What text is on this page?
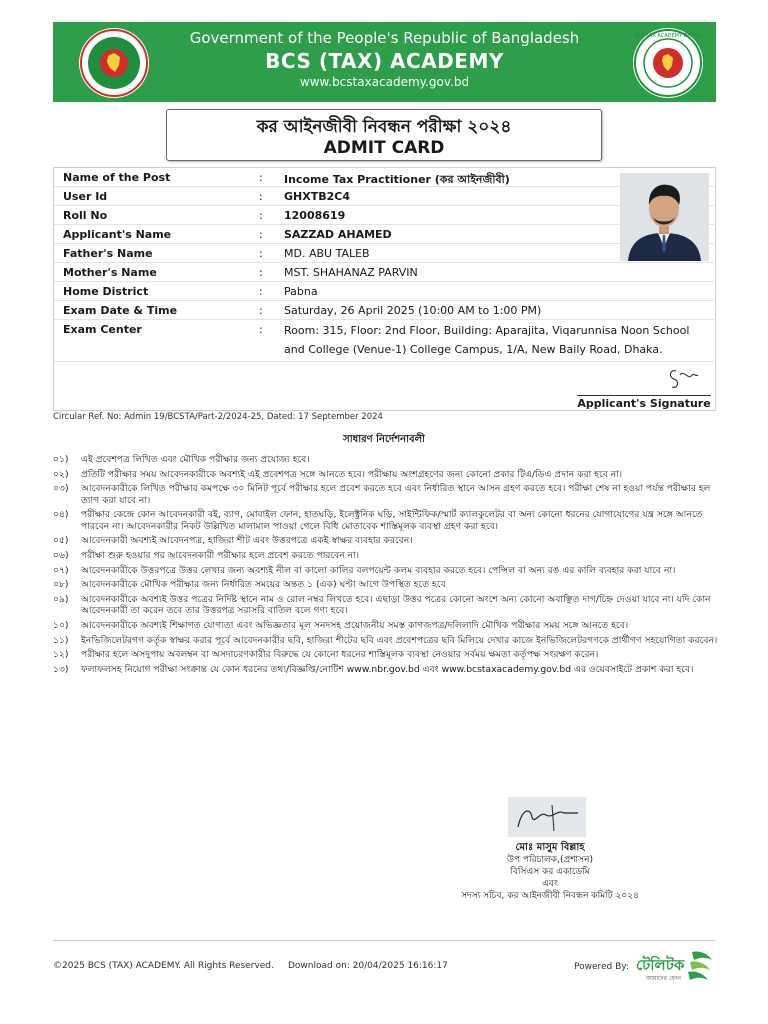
Government of the People's Republic of Bangladesh
BCS (TAX) ACADEMY
www.bcstaxacademy.gov.bd
BCS TAX ACADEMY DHAKA
কর আইনজীবী নিবন্ধন পরীক্ষা ২০২৪
ADMIT CARD
Name of the Post	: Income Tax Practitioner (কর আইনজীবী)
User Id	: GHXTB2C4
Roll No	: 12008619
Applicant's Name	: SAZZAD AHAMED
Father's Name	: MD. ABU TALEB
Mother's Name	: MST. SHAHANAZ PARVIN
Home District	: Pabna
Exam Date & Time	: Saturday, 26 April 2025 (10:00 AM to 1:00 PM)
Exam Center	: Room: 315, Floor: 2nd Floor, Building: Aparajita, Viqarunnisa Noon School and College (Venue-1) College Campus, 1/A, New Baily Road, Dhaka.
Applicant's Signature
Circular Ref. No: Admin 19/BCSTA/Part-2/2024-25, Dated: 17 September 2024
সাধারণ নির্দেশনাবলী
০১)	এই প্রবেশপত্র লিখিত এবং মৌখিক পরীক্ষার জন্য প্রযোজ্য হবে।
০২)	প্রতিটি পরীক্ষার সময় আবেদনকারীকে অবশ্যই এই প্রবেশপত্র সঙ্গে আনতে হবে। পরীক্ষায় অংশগ্রহণের জন্য কোনো প্রকার টিএ/ডিএ প্রদান করা হবে না।
০৩)	আবেদনকারীকে লিখিত পরীক্ষার কমপক্ষে ৩০ মিনিট পূর্বে পরীক্ষার হলে প্রবেশ করতে হবে এবং নির্ধারিত স্থানে আসন গ্রহণ করতে হবে। পরীক্ষা শেষ না হওয়া পর্যন্ত পরীক্ষার হল ত্যাগ করা যাবে না।
০৪)	পরীক্ষার কেন্দ্রে কোন আবেদনকারী বই, ব্যাগ, মোবাইল ফোন, হাতঘড়ি, ইলেক্ট্রনিক ঘড়ি, সাইন্টিফিক/স্মার্ট ক্যালকুলেটর বা অন্য কোনো ধরনের যোগাযোগের যন্ত্র সঙ্গে আনতে পারবেন না। আবেদনকারীর নিকট উল্লিখিত মালামাল পাওয়া গেলে বিধি মোতাবেক শাস্তিমূলক ব্যবস্থা গ্রহণ করা হবে।
০৫)	আবেদনকারী অবশ্যই আবেদনপত্র, হাজিরা শীট এবং উত্তরপত্রে একই স্বাক্ষর ব্যবহার করবেন।
০৬)	পরীক্ষা শুরু হওয়ার পর আবেদনকারী পরীক্ষার হলে প্রবেশ করতে পারবেন না।
০৭)	আবেদনকারীকে উত্তরপত্রে উত্তর লেখার জন্য অবশ্যই নীল বা কালো কালির বলপয়েন্ট কলম ব্যবহার করতে হবে। পেন্সিল বা অন্য রঙ এর কালি ব্যবহার করা যাবে না।
০৮)	আবেদনকারীকে মৌখিক পরীক্ষার জন্য নির্ধারিত সময়ের অন্তত ১ (এক) ঘণ্টা আগে উপস্থিত হতে হবে
০৯)	আবেদনকারীকে অবশ্যই উত্তর পত্রের নির্দিষ্ট স্থানে নাম ও রোল নম্বর লিখতে হবে। এছাড়া উত্তর পত্রের কোনো অংশে অন্য কোনো অবাঞ্ছিত দাগ/চিহ্ন দেওয়া যাবে না। যদি কোন আবেদনকারী তা করেন তবে তার উত্তরপত্র সরাসরি বাতিল বলে গণ্য হবে।
১০)	আবেদনকারীকে অবশ্যই শিক্ষাগত যোগ্যতা এবং অভিজ্ঞতার মূল সনদসহ প্রয়োজনীয় সমস্ত কাগজপত্র/দলিলাদি মৌখিক পরীক্ষার সময় সঙ্গে আনতে হবে।
১১)	ইনভিজিলেটরগণ কর্তৃক স্বাক্ষর করার পূর্বে আবেদনকারীর ছবি, হাজিরা শীটের ছবি এবং প্রবেশপত্রের ছবি মিলিয়ে দেখার কাজে ইনভিজিলেটরগণকে প্রার্থীগণ সহযোগিতা করবেন।
১২)	পরীক্ষার হলে অসদুপায় অবলম্বন বা অসদাচরণকারীর বিরুদ্ধে যে কোনো ধরনের শাস্তিমূলক ব্যবস্থা নেওয়ার সর্বময় ক্ষমতা কর্তৃপক্ষ সংরক্ষণ করেন।
১৩)	ফলাফলসহ নিয়োগ পরীক্ষা সংক্রান্ত যে কোন ধরনের তথ্য/বিজ্ঞপ্তি/নোটিশ www.nbr.gov.bd এবং www.bcstaxacademy.gov.bd এর ওয়েবসাইটে প্রকাশ করা হবে।
মোঃ মাসুম বিল্লাহ
উপ পরিচালক,(প্রশাসন)
বিসিএস কর একাডেমি
এবং
সদস্য সচিব, কর আইনজীবী নিবন্ধন কমিটি ২০২৪
©2025 BCS (TAX) ACADEMY. All Rights Reserved. Download on: 20/04/2025 16:16:17	Powered By: টেলিটক
আমাদের ফোন
